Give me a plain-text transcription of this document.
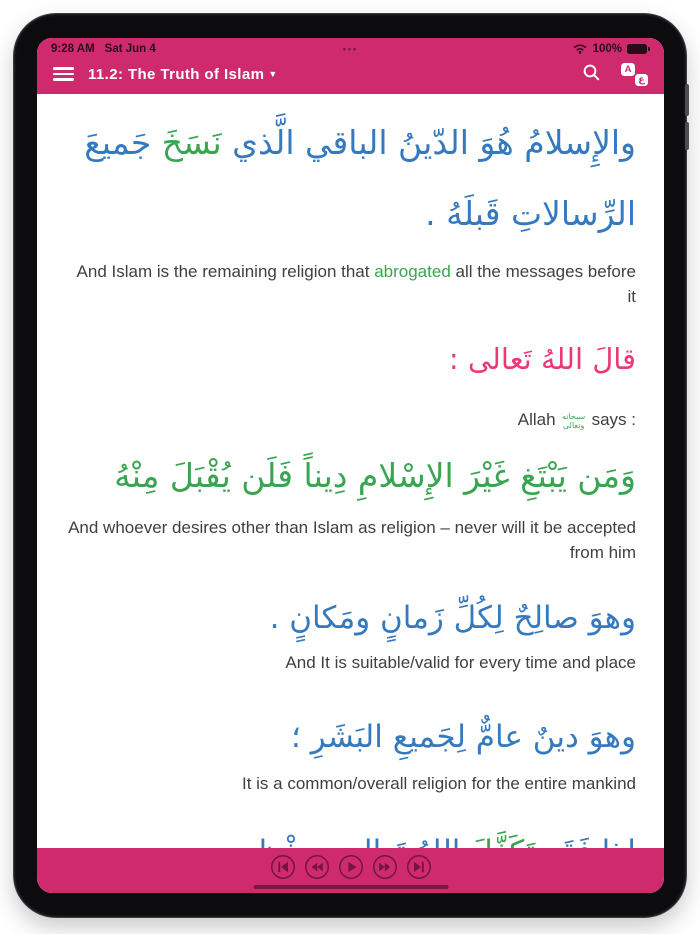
9:28 AM Sat Jun 4	•••	100%
11.2: The Truth of Islam ▼	A
ع

والإِسلامُ هُوَ الدّينُ الباقي الَّذي نَسَخَ جَميعَ الرِّسالاتِ قَبلَهُ .

And Islam is the remaining religion that abrogated all the messages before it

قالَ اللهُ تَعالى :

Allah سبحانه وتعالى says :

وَمَن يَبْتَغِ غَيْرَ الإِسْلامِ دِيناً فَلَن يُقْبَلَ مِنْهُ

And whoever desires other than Islam as religion – never will it be accepted from him

وهوَ صالِحٌ لِكُلِّ زَمانٍ ومَكانٍ .

And It is suitable/valid for every time and place

وهوَ دينٌ عامٌّ لِجَميعِ البَشَرِ ؛

It is a common/overall religion for the entire mankind
